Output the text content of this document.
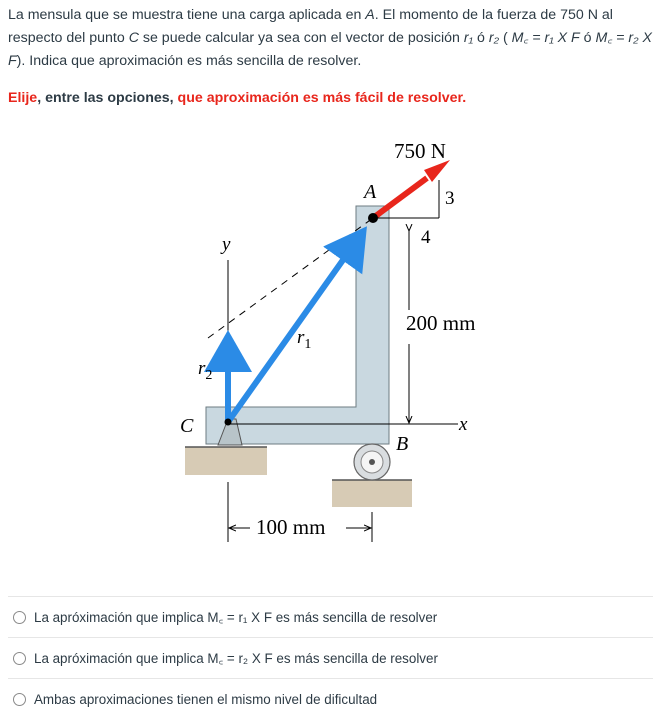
La mensula que se muestra tiene una carga aplicada en A. El momento de la fuerza de 750 N al respecto del punto C se puede calcular ya sea con el vector de posición r₁ ó r₂ ( M꜀ = r₁ X F ó M꜀ = r₂ X F). Indica que aproximación es más sencilla de resolver.
Elije, entre las opciones, que aproximación es más fácil de resolver.
y
x
$r_2$
$r_1$
C
3
4
A
750 N
200 mm
B
100 mm
La apróximación que implica M꜀ = r₁ X F es más sencilla de resolver
La apróximación que implica M꜀ = r₂ X F es más sencilla de resolver
Ambas aproximaciones tienen el mismo nivel de dificultad
